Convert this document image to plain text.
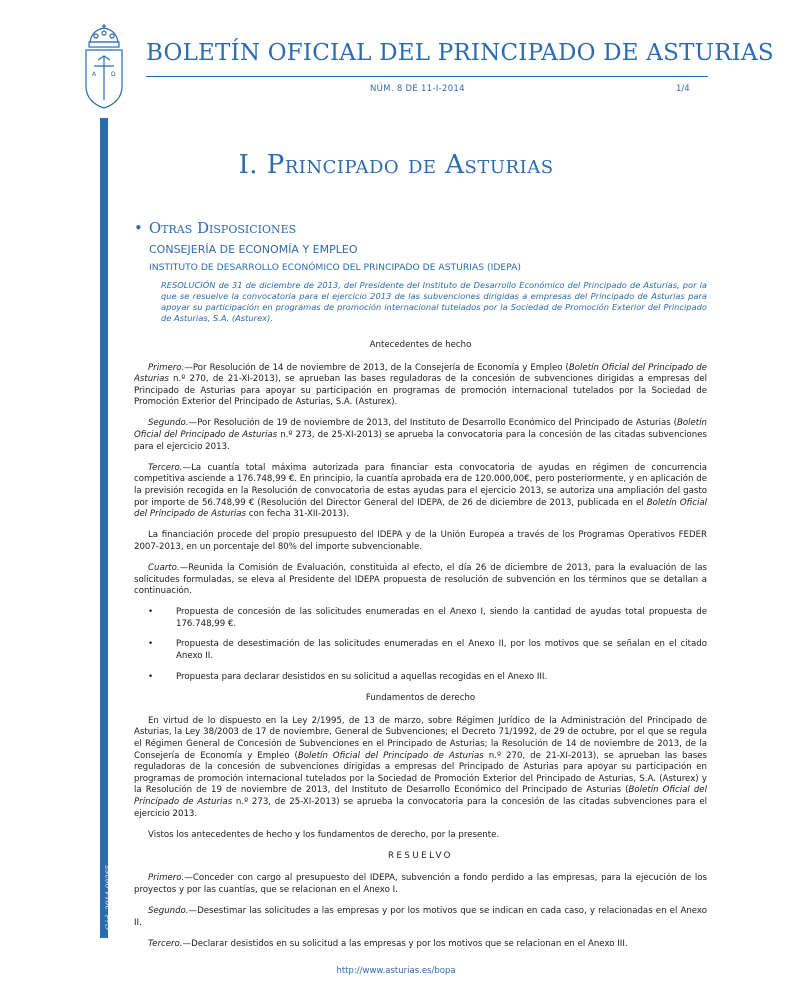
A Ω
BOLETÍN OFICIAL DEL PRINCIPADO DE ASTURIAS
NÚM. 8 DE 11-I-2014	1/4
Cód. 2014-00265
I. Principado de Asturias
• Otras Disposiciones
CONSEJERÍA DE ECONOMÍA Y EMPLEO
INSTITUTO DE DESARROLLO ECONÓMICO DEL PRINCIPADO DE ASTURIAS (IDEPA)
RESOLUCIÓN de 31 de diciembre de 2013, del Presidente del Instituto de Desarrollo Económico del Principado de Asturias, por la que se resuelve la convocatoria para el ejercicio 2013 de las subvenciones dirigidas a empresas del Principado de Asturias para apoyar su participación en programas de promoción internacional tutelados por la Sociedad de Promoción Exterior del Principado de Asturias, S.A. (Asturex).
Antecedentes de hecho

Primero.—Por Resolución de 14 de noviembre de 2013, de la Consejería de Economía y Empleo (Boletín Oficial del Principado de Asturias n.º 270, de 21-XI-2013), se aprueban las bases reguladoras de la concesión de subvenciones dirigidas a empresas del Principado de Asturias para apoyar su participación en programas de promoción internacional tutelados por la Sociedad de Promoción Exterior del Principado de Asturias, S.A. (Asturex).

Segundo.—Por Resolución de 19 de noviembre de 2013, del Instituto de Desarrollo Económico del Principado de Asturias (Boletín Oficial del Principado de Asturias n.º 273, de 25-XI-2013) se aprueba la convocatoria para la concesión de las citadas subvenciones para el ejercicio 2013.

Tercero.—La cuantía total máxima autorizada para financiar esta convocatoria de ayudas en régimen de concurrencia competitiva asciende a 176.748,99 €. En principio, la cuantía aprobada era de 120.000,00€, pero posteriormente, y en aplicación de la previsión recogida en la Resolución de convocatoria de estas ayudas para el ejercicio 2013, se autoriza una ampliación del gasto por importe de 56.748,99 € (Resolución del Director General del IDEPA, de 26 de diciembre de 2013, publicada en el Boletín Oficial del Principado de Asturias con fecha 31-XII-2013).

La financiación procede del propio presupuesto del IDEPA y de la Unión Europea a través de los Programas Operativos FEDER 2007-2013, en un porcentaje del 80% del importe subvencionable.

Cuarto.—Reunida la Comisión de Evaluación, constituida al efecto, el día 26 de diciembre de 2013, para la evaluación de las solicitudes formuladas, se eleva al Presidente del IDEPA propuesta de resolución de subvención en los términos que se detallan a continuación.

•	Propuesta de concesión de las solicitudes enumeradas en el Anexo I, siendo la cantidad de ayudas total propuesta de 176.748,99 €.
•	Propuesta de desestimación de las solicitudes enumeradas en el Anexo II, por los motivos que se señalan en el citado Anexo II.
•	Propuesta para declarar desistidos en su solicitud a aquellas recogidas en el Anexo III.
Fundamentos de derecho

En virtud de lo dispuesto en la Ley 2/1995, de 13 de marzo, sobre Régimen Jurídico de la Administración del Principado de Asturias, la Ley 38/2003 de 17 de noviembre, General de Subvenciones; el Decreto 71/1992, de 29 de octubre, por el que se regula el Régimen General de Concesión de Subvenciones en el Principado de Asturias; la Resolución de 14 de noviembre de 2013, de la Consejería de Economía y Empleo (Boletín Oficial del Principado de Asturias n.º 270, de 21-XI-2013), se aprueban las bases reguladoras de la concesión de subvenciones dirigidas a empresas del Principado de Asturias para apoyar su participación en programas de promoción internacional tutelados por la Sociedad de Promoción Exterior del Principado de Asturias, S.A. (Asturex) y la Resolución de 19 de noviembre de 2013, del Instituto de Desarrollo Económico del Principado de Asturias (Boletín Oficial del Principado de Asturias n.º 273, de 25-XI-2013) se aprueba la convocatoria para la concesión de las citadas subvenciones para el ejercicio 2013.

Vistos los antecedentes de hecho y los fundamentos de derecho, por la presente.

RESUELVO

Primero.—Conceder con cargo al presupuesto del IDEPA, subvención a fondo perdido a las empresas, para la ejecución de los proyectos y por las cuantías, que se relacionan en el Anexo I.

Segundo.—Desestimar las solicitudes a las empresas y por los motivos que se indican en cada caso, y relacionadas en el Anexo II.

Tercero.—Declarar desistidos en su solicitud a las empresas y por los motivos que se relacionan en el Anexo III.

http://www.asturias.es/bopa
